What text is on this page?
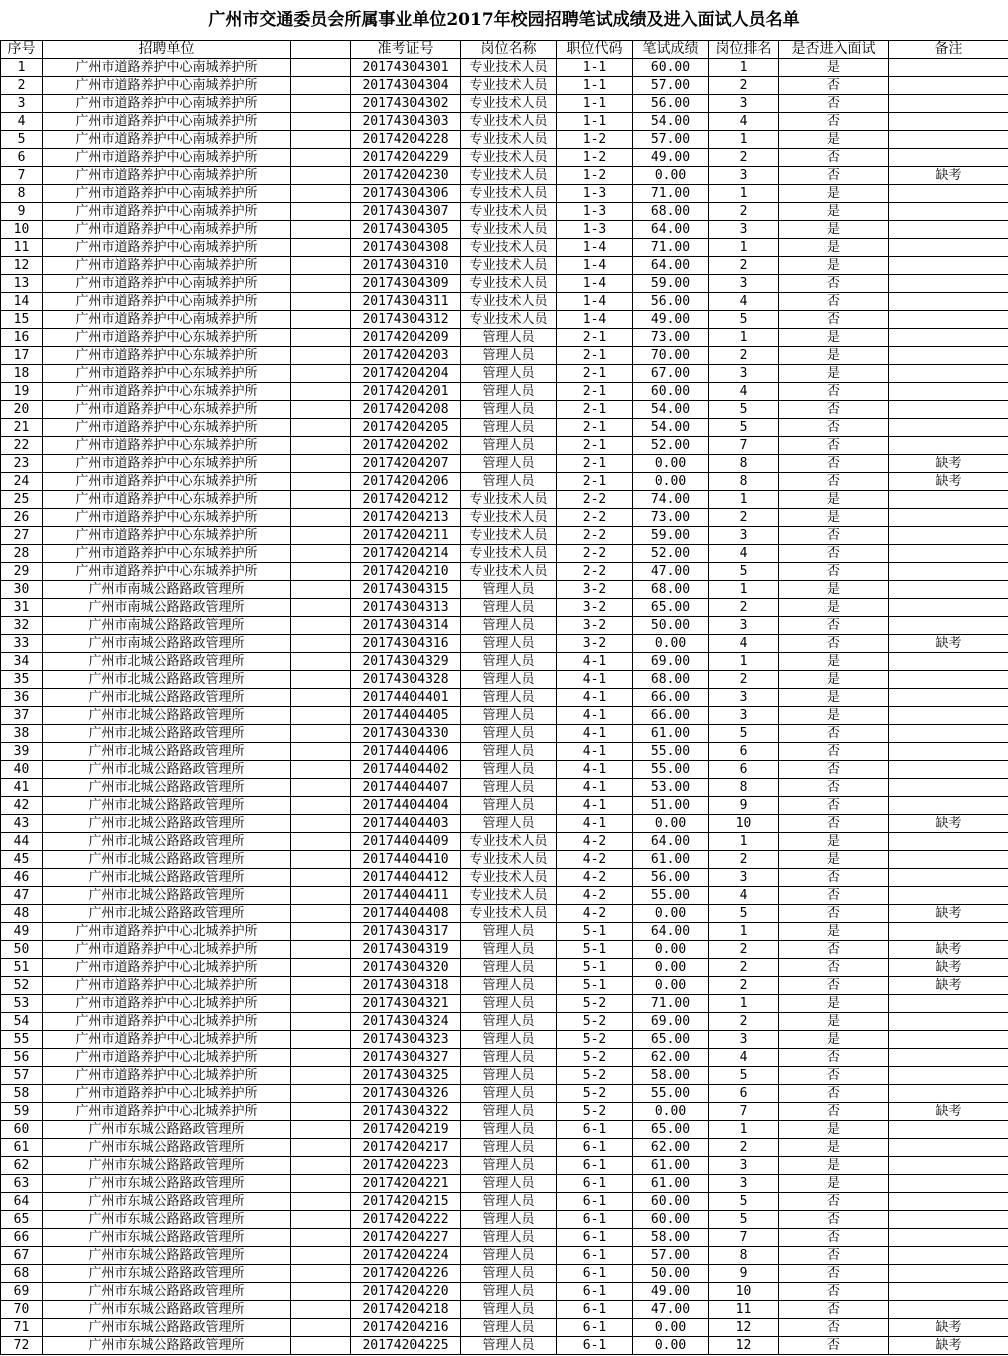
广州市交通委员会所属事业单位2017年校园招聘笔试成绩及进入面试人员名单
序号	招聘单位		准考证号	岗位名称	职位代码	笔试成绩	岗位排名	是否进入面试	备注
1	广州市道路养护中心南城养护所		20174304301	专业技术人员	1-1	60.00	1	是	
2	广州市道路养护中心南城养护所		20174304304	专业技术人员	1-1	57.00	2	否	
3	广州市道路养护中心南城养护所		20174304302	专业技术人员	1-1	56.00	3	否	
4	广州市道路养护中心南城养护所		20174304303	专业技术人员	1-1	54.00	4	否	
5	广州市道路养护中心南城养护所		20174204228	专业技术人员	1-2	57.00	1	是	
6	广州市道路养护中心南城养护所		20174204229	专业技术人员	1-2	49.00	2	否	
7	广州市道路养护中心南城养护所		20174204230	专业技术人员	1-2	0.00	3	否	缺考
8	广州市道路养护中心南城养护所		20174304306	专业技术人员	1-3	71.00	1	是	
9	广州市道路养护中心南城养护所		20174304307	专业技术人员	1-3	68.00	2	是	
10	广州市道路养护中心南城养护所		20174304305	专业技术人员	1-3	64.00	3	是	
11	广州市道路养护中心南城养护所		20174304308	专业技术人员	1-4	71.00	1	是	
12	广州市道路养护中心南城养护所		20174304310	专业技术人员	1-4	64.00	2	是	
13	广州市道路养护中心南城养护所		20174304309	专业技术人员	1-4	59.00	3	否	
14	广州市道路养护中心南城养护所		20174304311	专业技术人员	1-4	56.00	4	否	
15	广州市道路养护中心南城养护所		20174304312	专业技术人员	1-4	49.00	5	否	
16	广州市道路养护中心东城养护所		20174204209	管理人员	2-1	73.00	1	是	
17	广州市道路养护中心东城养护所		20174204203	管理人员	2-1	70.00	2	是	
18	广州市道路养护中心东城养护所		20174204204	管理人员	2-1	67.00	3	是	
19	广州市道路养护中心东城养护所		20174204201	管理人员	2-1	60.00	4	否	
20	广州市道路养护中心东城养护所		20174204208	管理人员	2-1	54.00	5	否	
21	广州市道路养护中心东城养护所		20174204205	管理人员	2-1	54.00	5	否	
22	广州市道路养护中心东城养护所		20174204202	管理人员	2-1	52.00	7	否	
23	广州市道路养护中心东城养护所		20174204207	管理人员	2-1	0.00	8	否	缺考
24	广州市道路养护中心东城养护所		20174204206	管理人员	2-1	0.00	8	否	缺考
25	广州市道路养护中心东城养护所		20174204212	专业技术人员	2-2	74.00	1	是	
26	广州市道路养护中心东城养护所		20174204213	专业技术人员	2-2	73.00	2	是	
27	广州市道路养护中心东城养护所		20174204211	专业技术人员	2-2	59.00	3	否	
28	广州市道路养护中心东城养护所		20174204214	专业技术人员	2-2	52.00	4	否	
29	广州市道路养护中心东城养护所		20174204210	专业技术人员	2-2	47.00	5	否	
30	广州市南城公路路政管理所		20174304315	管理人员	3-2	68.00	1	是	
31	广州市南城公路路政管理所		20174304313	管理人员	3-2	65.00	2	是	
32	广州市南城公路路政管理所		20174304314	管理人员	3-2	50.00	3	否	
33	广州市南城公路路政管理所		20174304316	管理人员	3-2	0.00	4	否	缺考
34	广州市北城公路路政管理所		20174304329	管理人员	4-1	69.00	1	是	
35	广州市北城公路路政管理所		20174304328	管理人员	4-1	68.00	2	是	
36	广州市北城公路路政管理所		20174404401	管理人员	4-1	66.00	3	是	
37	广州市北城公路路政管理所		20174404405	管理人员	4-1	66.00	3	是	
38	广州市北城公路路政管理所		20174304330	管理人员	4-1	61.00	5	否	
39	广州市北城公路路政管理所		20174404406	管理人员	4-1	55.00	6	否	
40	广州市北城公路路政管理所		20174404402	管理人员	4-1	55.00	6	否	
41	广州市北城公路路政管理所		20174404407	管理人员	4-1	53.00	8	否	
42	广州市北城公路路政管理所		20174404404	管理人员	4-1	51.00	9	否	
43	广州市北城公路路政管理所		20174404403	管理人员	4-1	0.00	10	否	缺考
44	广州市北城公路路政管理所		20174404409	专业技术人员	4-2	64.00	1	是	
45	广州市北城公路路政管理所		20174404410	专业技术人员	4-2	61.00	2	是	
46	广州市北城公路路政管理所		20174404412	专业技术人员	4-2	56.00	3	否	
47	广州市北城公路路政管理所		20174404411	专业技术人员	4-2	55.00	4	否	
48	广州市北城公路路政管理所		20174404408	专业技术人员	4-2	0.00	5	否	缺考
49	广州市道路养护中心北城养护所		20174304317	管理人员	5-1	64.00	1	是	
50	广州市道路养护中心北城养护所		20174304319	管理人员	5-1	0.00	2	否	缺考
51	广州市道路养护中心北城养护所		20174304320	管理人员	5-1	0.00	2	否	缺考
52	广州市道路养护中心北城养护所		20174304318	管理人员	5-1	0.00	2	否	缺考
53	广州市道路养护中心北城养护所		20174304321	管理人员	5-2	71.00	1	是	
54	广州市道路养护中心北城养护所		20174304324	管理人员	5-2	69.00	2	是	
55	广州市道路养护中心北城养护所		20174304323	管理人员	5-2	65.00	3	是	
56	广州市道路养护中心北城养护所		20174304327	管理人员	5-2	62.00	4	否	
57	广州市道路养护中心北城养护所		20174304325	管理人员	5-2	58.00	5	否	
58	广州市道路养护中心北城养护所		20174304326	管理人员	5-2	55.00	6	否	
59	广州市道路养护中心北城养护所		20174304322	管理人员	5-2	0.00	7	否	缺考
60	广州市东城公路路政管理所		20174204219	管理人员	6-1	65.00	1	是	
61	广州市东城公路路政管理所		20174204217	管理人员	6-1	62.00	2	是	
62	广州市东城公路路政管理所		20174204223	管理人员	6-1	61.00	3	是	
63	广州市东城公路路政管理所		20174204221	管理人员	6-1	61.00	3	是	
64	广州市东城公路路政管理所		20174204215	管理人员	6-1	60.00	5	否	
65	广州市东城公路路政管理所		20174204222	管理人员	6-1	60.00	5	否	
66	广州市东城公路路政管理所		20174204227	管理人员	6-1	58.00	7	否	
67	广州市东城公路路政管理所		20174204224	管理人员	6-1	57.00	8	否	
68	广州市东城公路路政管理所		20174204226	管理人员	6-1	50.00	9	否	
69	广州市东城公路路政管理所		20174204220	管理人员	6-1	49.00	10	否	
70	广州市东城公路路政管理所		20174204218	管理人员	6-1	47.00	11	否	
71	广州市东城公路路政管理所		20174204216	管理人员	6-1	0.00	12	否	缺考
72	广州市东城公路路政管理所		20174204225	管理人员	6-1	0.00	12	否	缺考
